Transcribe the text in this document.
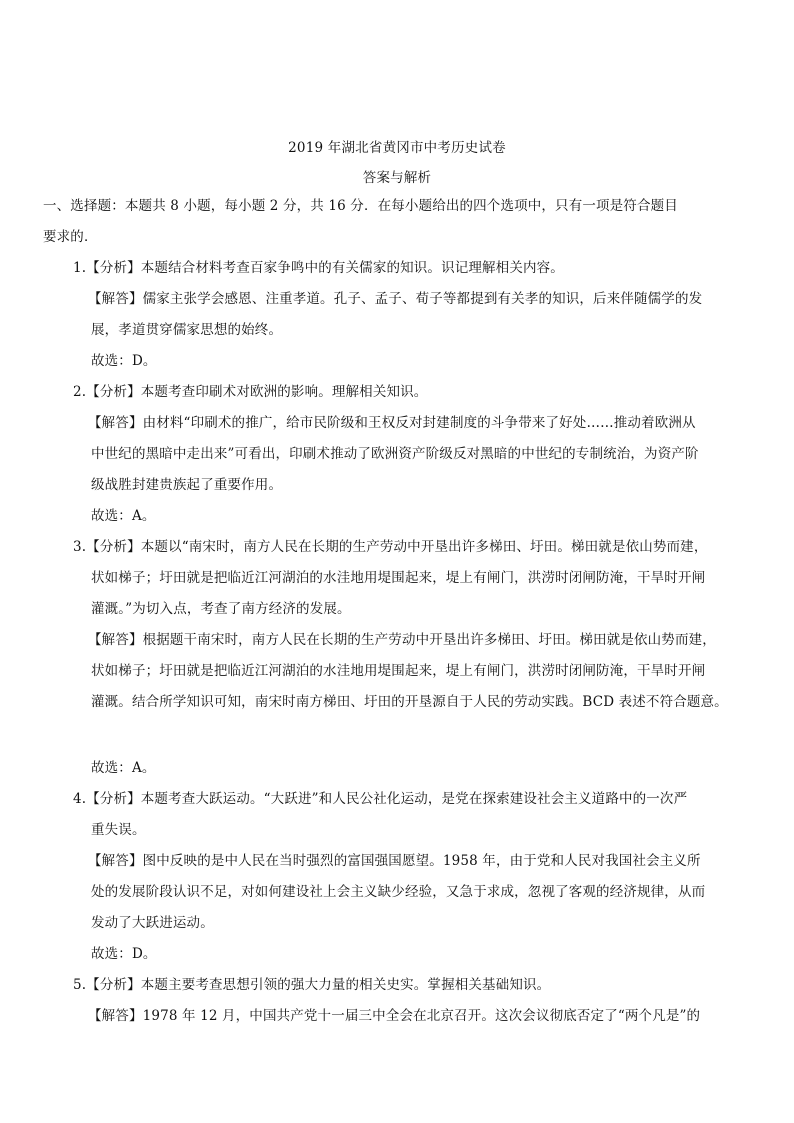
2019 年湖北省黄冈市中考历史试卷
答案与解析
一、选择题：本题共 8 小题，每小题 2 分，共 16 分．在每小题给出的四个选项中，只有一项是符合题目
要求的．
1.【分析】本题结合材料考查百家争鸣中的有关儒家的知识。识记理解相关内容。
【解答】儒家主张学会感恩、注重孝道。孔子、孟子、荀子等都提到有关孝的知识，后来伴随儒学的发
展，孝道贯穿儒家思想的始终。
故选：D。
2.【分析】本题考查印刷术对欧洲的影响。理解相关知识。
【解答】由材料“印刷术的推广，给市民阶级和王权反对封建制度的斗争带来了好处……推动着欧洲从
中世纪的黑暗中走出来”可看出，印刷术推动了欧洲资产阶级反对黑暗的中世纪的专制统治，为资产阶
级战胜封建贵族起了重要作用。
故选：A。
3.【分析】本题以“南宋时，南方人民在长期的生产劳动中开垦出许多梯田、圩田。梯田就是依山势而建，
状如梯子；圩田就是把临近江河湖泊的水洼地用堤围起来，堤上有闸门，洪涝时闭闸防淹，干旱时开闸
灌溉。”为切入点，考查了南方经济的发展。
【解答】根据题干南宋时，南方人民在长期的生产劳动中开垦出许多梯田、圩田。梯田就是依山势而建，
状如梯子；圩田就是把临近江河湖泊的水洼地用堤围起来，堤上有闸门，洪涝时闭闸防淹，干旱时开闸
灌溉。结合所学知识可知，南宋时南方梯田、圩田的开垦源自于人民的劳动实践。BCD 表述不符合题意。
故选：A。
4.【分析】本题考查大跃运动。“大跃进”和人民公社化运动，是党在探索建设社会主义道路中的一次严
重失误。
【解答】图中反映的是中人民在当时强烈的富国强国愿望。1958 年，由于党和人民对我国社会主义所
处的发展阶段认识不足，对如何建设社上会主义缺少经验，又急于求成，忽视了客观的经济规律，从而
发动了大跃进运动。
故选：D。
5.【分析】本题主要考查思想引领的强大力量的相关史实。掌握相关基础知识。
【解答】1978 年 12 月，中国共产党十一届三中全会在北京召开。这次会议彻底否定了“两个凡是”的
